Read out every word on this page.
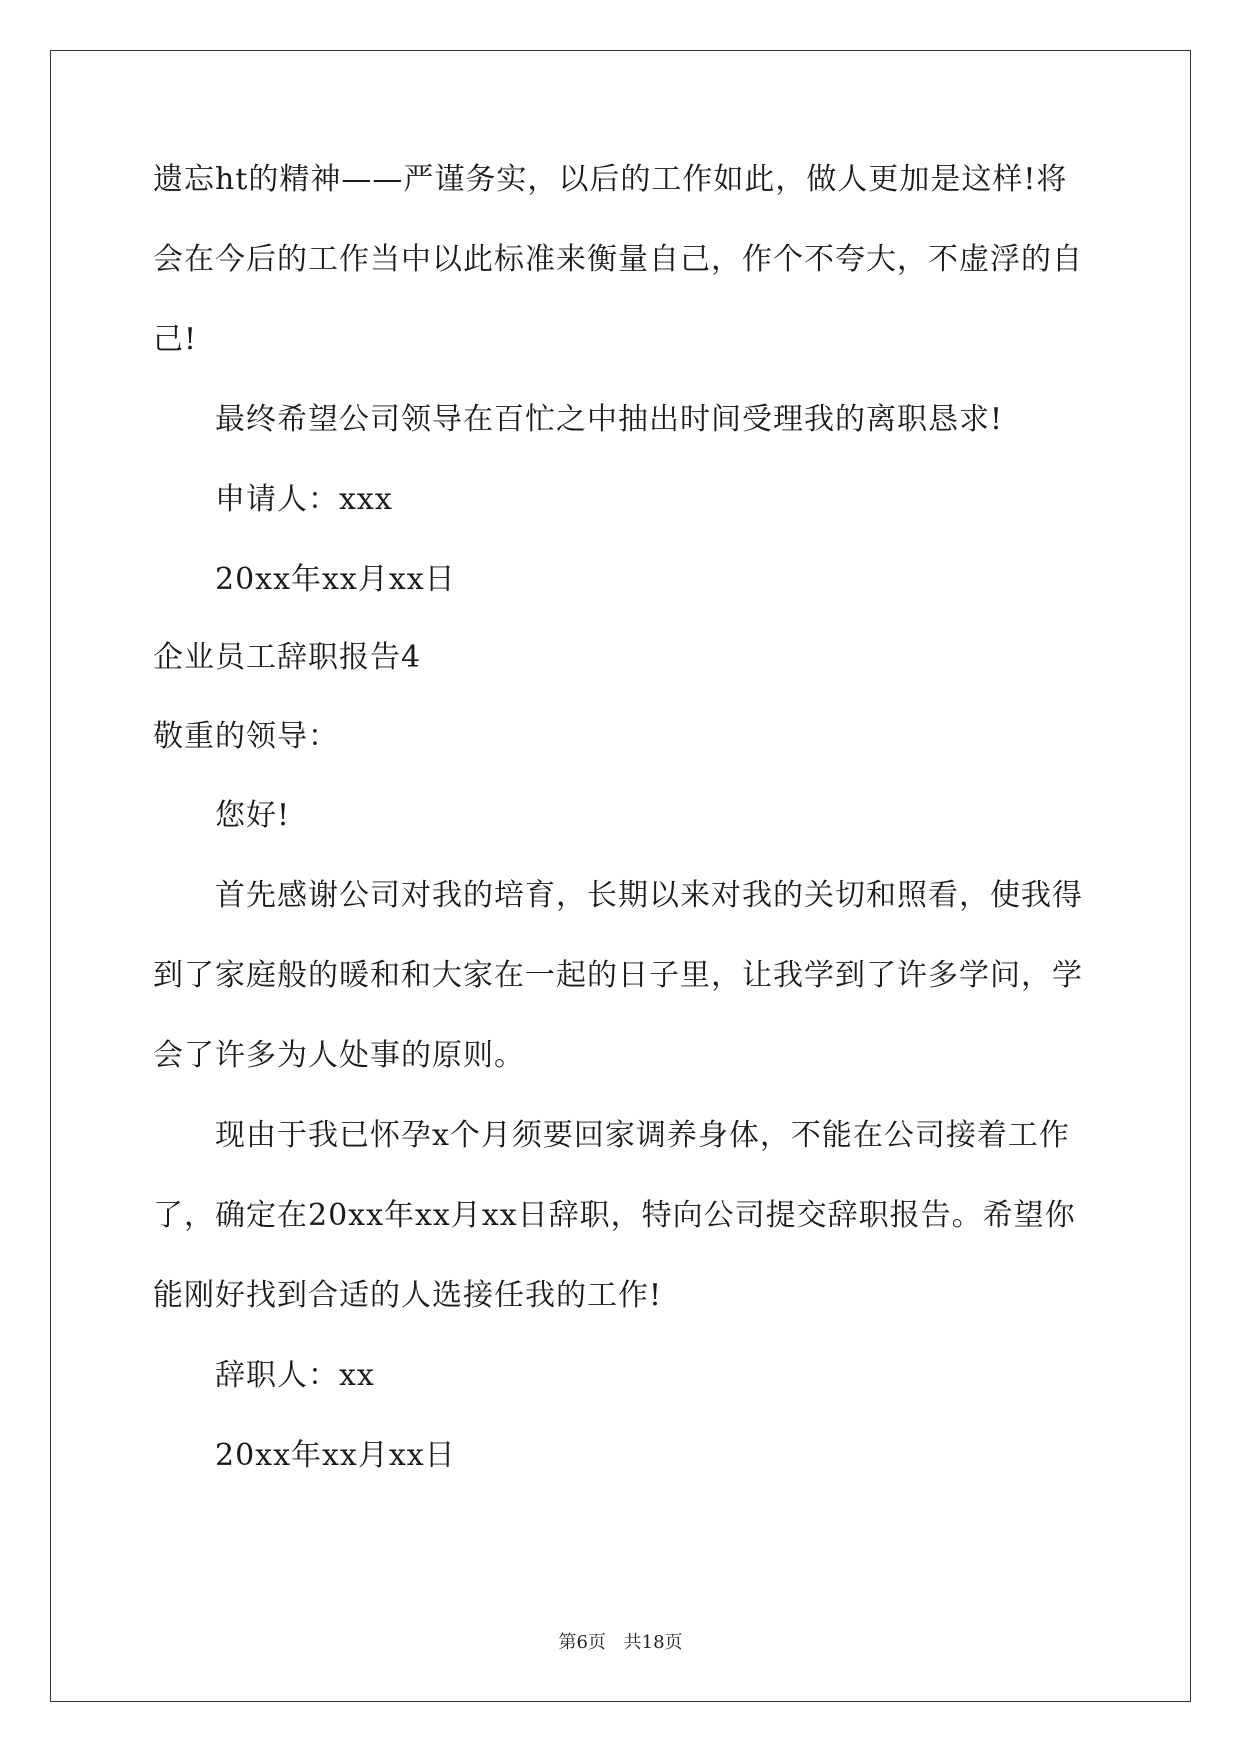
遗忘ht的精神——严谨务实，以后的工作如此，做人更加是这样!将
会在今后的工作当中以此标准来衡量自己，作个不夸大，不虚浮的自
己!
最终希望公司领导在百忙之中抽出时间受理我的离职恳求!
申请人：xxx
20xx年xx月xx日
企业员工辞职报告4
敬重的领导：
您好!
首先感谢公司对我的培育，长期以来对我的关切和照看，使我得
到了家庭般的暖和和大家在一起的日子里，让我学到了许多学问，学
会了许多为人处事的原则。
现由于我已怀孕x个月须要回家调养身体，不能在公司接着工作
了，确定在20xx年xx月xx日辞职，特向公司提交辞职报告。希望你
能刚好找到合适的人选接任我的工作!
辞职人：xx
20xx年xx月xx日
第6页 共18页
